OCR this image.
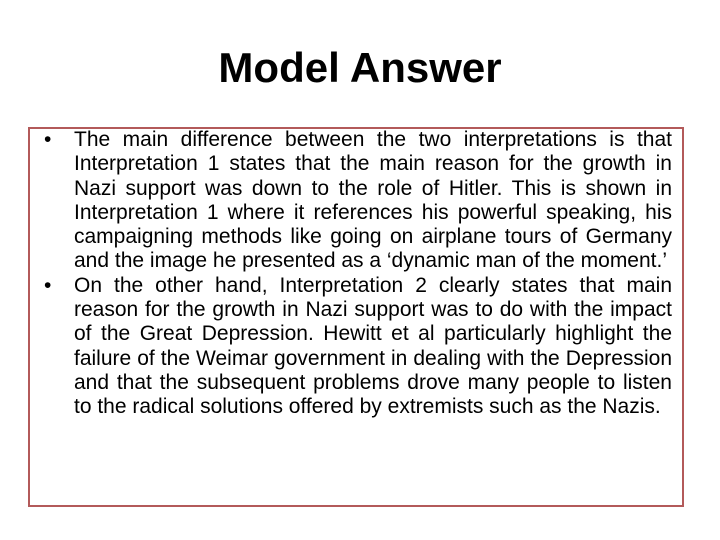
Model Answer
•	The main difference between the two interpretations is that Interpretation 1 states that the main reason for the growth in Nazi support was down to the role of Hitler. This is shown in Interpretation 1 where it references his powerful speaking, his campaigning methods like going on airplane tours of Germany and the image he presented as a ‘dynamic man of the moment.’
•	On the other hand, Interpretation 2 clearly states that main reason for the growth in Nazi support was to do with the impact of the Great Depression. Hewitt et al particularly highlight the failure of the Weimar government in dealing with the Depression and that the subsequent problems drove many people to listen to the radical solutions offered by extremists such as the Nazis.
